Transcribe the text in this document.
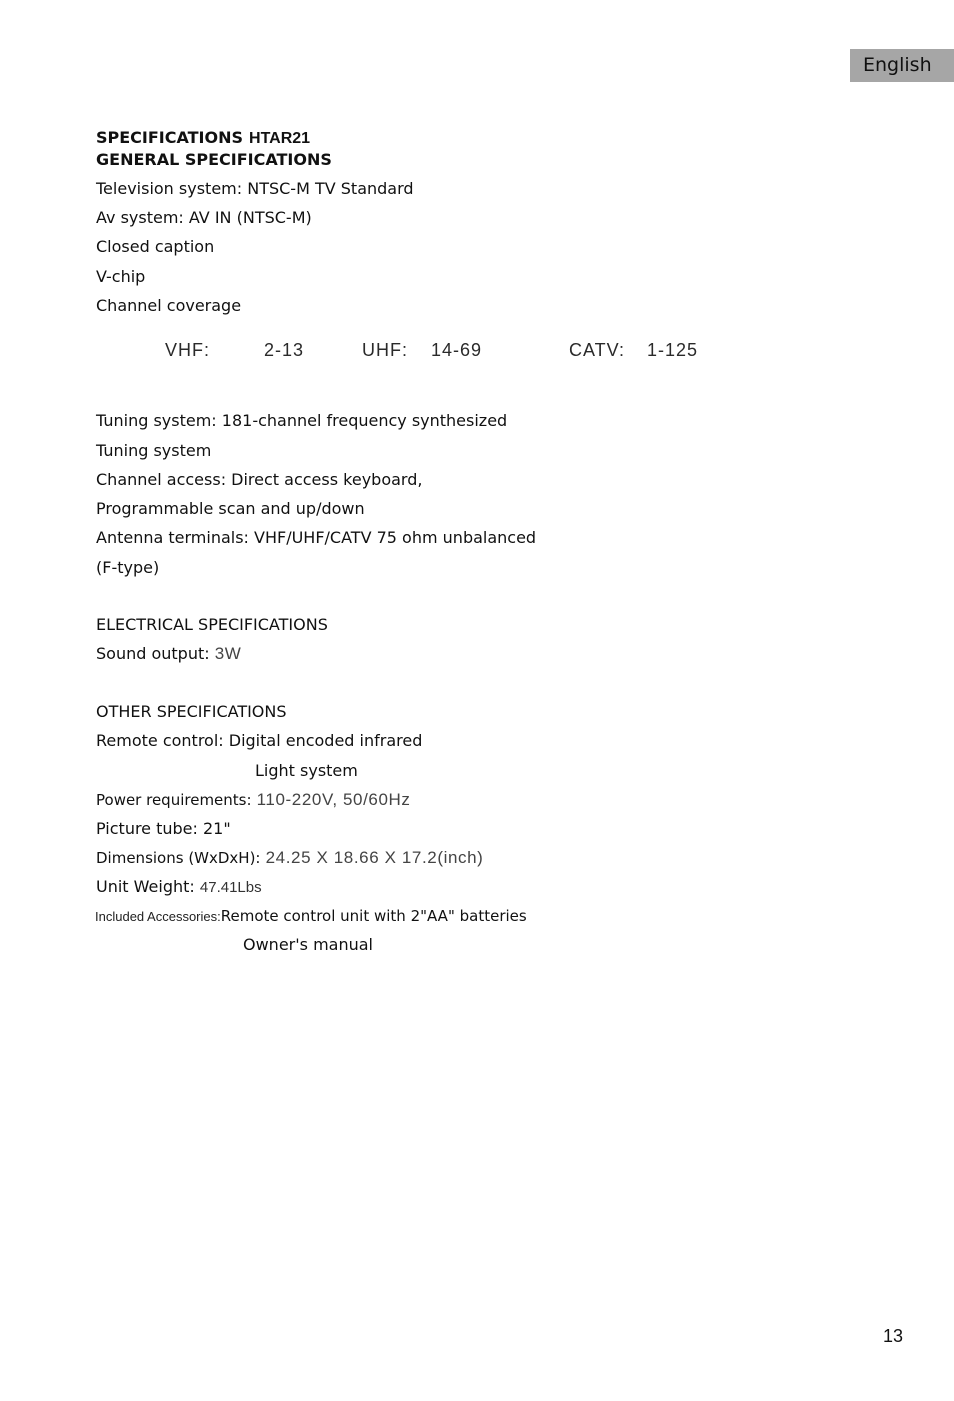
English
SPECIFICATIONS HTAR21
GENERAL SPECIFICATIONS
Television system: NTSC-M TV Standard
Av system: AV IN (NTSC-M)
Closed caption
V-chip
Channel coverage
VHF:	2-13	UHF: 14-69	CATV: 1-125
Tuning system: 181-channel frequency synthesized
Tuning system
Channel access: Direct access keyboard,
Programmable scan and up/down
Antenna terminals: VHF/UHF/CATV 75 ohm unbalanced
(F-type)
ELECTRICAL SPECIFICATIONS
Sound output: 3W
OTHER SPECIFICATIONS
Remote control: Digital encoded infrared
Light system
Power requirements: 110-220V, 50/60Hz
Picture tube: 21"
Dimensions (WxDxH): 24.25 X 18.66 X 17.2(inch)
Unit Weight: 47.41Lbs
Included Accessories:Remote control unit with 2"AA" batteries
Owner's manual
13
